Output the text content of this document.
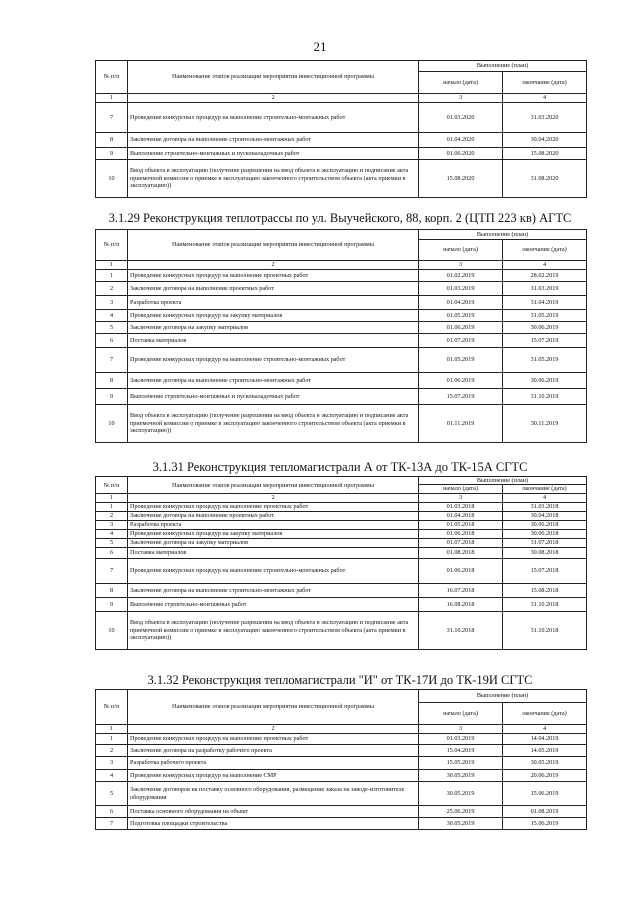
21
№ п/п	Наименование этапов реализации мероприятия инвестиционной программы	Выполнение (план)	
		начало (дата)	окончание (дата)
1	2	3	4
7	Проведение конкурсных процедур на выполнение строительно-монтажных работ	01.03.2020	31.03.2020
8	Заключение договора на выполнение строительно-монтажных работ	01.04.2020	30.04.2020
9	Выполнение строительно-монтажных и пусконаладочных работ	01.06.2020	15.08.2020
10	Ввод объекта в эксплуатацию (получение разрешения на ввод объекта в эксплуатацию и подписание акта приемочной комиссии о приемке в эксплуатацию законченного строительством объекта (акта приемки в эксплуатацию))	15.08.2020	31.08.2020
3.1.29 Реконструкция теплотрассы по ул. Выучейского, 88, корп. 2 (ЦТП 223 кв) АГТС
№ п/п	Наименование этапов реализации мероприятия инвестиционной программы	Выполнение (план)	
		начало (дата)	окончание (дата)
1	2	3	4
1	Проведение конкурсных процедур на выполнение проектных работ	01.02.2019	28.02.2019
2	Заключение договора на выполнение проектных работ	01.03.2019	31.03.2019
3	Разработка проекта	01.04.2019	31.04.2019
4	Проведение конкурсных процедур на закупку материалов	01.05.2019	31.05.2019
5	Заключение договора на закупку материалов	01.06.2019	30.06.2019
6	Поставка материалов	01.07.2019	15.07.2019
7	Проведение конкурсных процедур на выполнение строительно-монтажных работ	01.05.2019	31.05.2019
8	Заключение договора на выполнение строительно-монтажных работ	01.06.2019	30.06.2019
9	Выполнение строительно-монтажных и пусконаладочных работ	15.07.2019	31.10.2019
10	Ввод объекта в эксплуатацию (получение разрешения на ввод объекта в эксплуатацию и подписание акта приемочной комиссии о приемке в эксплуатацию законченного строительством объекта (акта приемки в эксплуатацию))	01.11.2019	30.11.2019
3.1.31 Реконструкция тепломагистрали А от ТК-13А до ТК-15А СГТС
№ п/п	Наименование этапов реализации мероприятия инвестиционной программы	Выполнение (план)	
		начало (дата)	окончание (дата)
1	2	3	4
1	Проведение конкурсных процедур на выполнение проектных работ	01.03.2018	31.03.2018
2	Заключение договора на выполнение проектных работ	01.04.2018	30.04.2018
3	Разработка проекта	01.05.2018	30.06.2018
4	Проведение конкурсных процедур на закупку материалов	01.06.2018	30.06.2018
5	Заключение договора на закупку материалов	01.07.2018	31.07.2018
6	Поставка материалов	01.08.2018	30.08.2018
7	Проведение конкурсных процедур на выполнение строительно-монтажных работ	01.06.2018	15.07.2018
8	Заключение договора на выполнение строительно-монтажных работ	16.07.2018	15.08.2018
9	Выполнение строительно-монтажных работ	16.08.2018	31.10.2018
10	Ввод объекта в эксплуатацию (получение разрешения на ввод объекта в эксплуатацию и подписание акта приемочной комиссии о приемке в эксплуатацию законченного строительством объекта (акта приемки в эксплуатацию))	31.10.2018	31.10.2018
3.1.32 Реконструкция тепломагистрали "И" от ТК-17И до ТК-19И СГТС
№ п/п	Наименование этапов реализации мероприятия инвестиционной программы	Выполнение (план)	
		начало (дата)	окончание (дата)
1	2	3	4
1	Проведение конкурсных процедур на выполнение проектных работ	01.03.2019	14.04.2019
2	Заключение договора на разработку рабочего проекта	15.04.2019	14.05.2019
3	Разработка рабочего проекта	15.05.2019	30.05.2019
4	Проведение конкурсных процедур на выполнение СМР	30.05.2019	20.06.2019
5	Заключение договоров на поставку основного оборудования, размещение заказа на заводе-изготовителе оборудования	30.05.2019	15.06.2019
6	Поставка основного оборудования на объект	25.06.2019	01.08.2019
7	Подготовка площадки строительства	30.05.2019	15.06.2019
